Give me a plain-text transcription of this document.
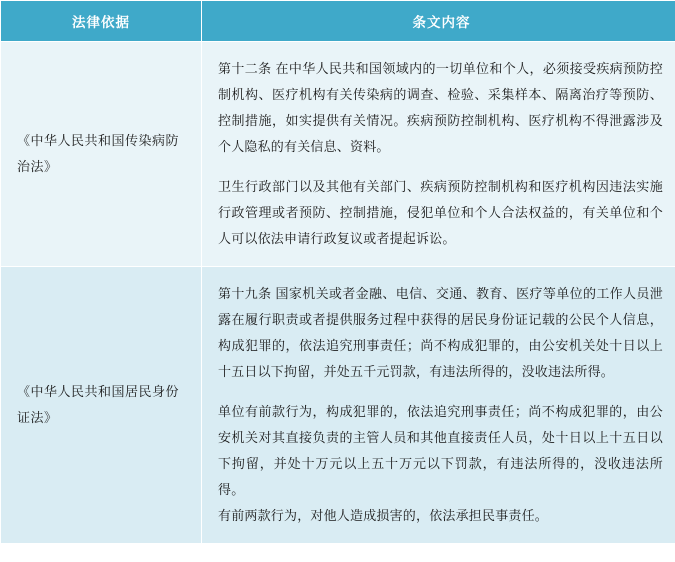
法律依据	条文内容
《中华人民共和国传染病防治法》	第十二条 在中华人民共和国领域内的一切单位和个人，必须接受疾病预防控制机构、医疗机构有关传染病的调查、检验、采集样本、隔离治疗等预防、控制措施，如实提供有关情况。疾病预防控制机构、医疗机构不得泄露涉及个人隐私的有关信息、资料。

卫生行政部门以及其他有关部门、疾病预防控制机构和医疗机构因违法实施行政管理或者预防、控制措施，侵犯单位和个人合法权益的，有关单位和个人可以依法申请行政复议或者提起诉讼。

《中华人民共和国居民身份证法》	第十九条 国家机关或者金融、电信、交通、教育、医疗等单位的工作人员泄露在履行职责或者提供服务过程中获得的居民身份证记载的公民个人信息，构成犯罪的，依法追究刑事责任；尚不构成犯罪的，由公安机关处十日以上十五日以下拘留，并处五千元罚款，有违法所得的，没收违法所得。

单位有前款行为，构成犯罪的，依法追究刑事责任；尚不构成犯罪的，由公安机关对其直接负责的主管人员和其他直接责任人员，处十日以上十五日以下拘留，并处十万元以上五十万元以下罚款，有违法所得的，没收违法所得。

有前两款行为，对他人造成损害的，依法承担民事责任。
